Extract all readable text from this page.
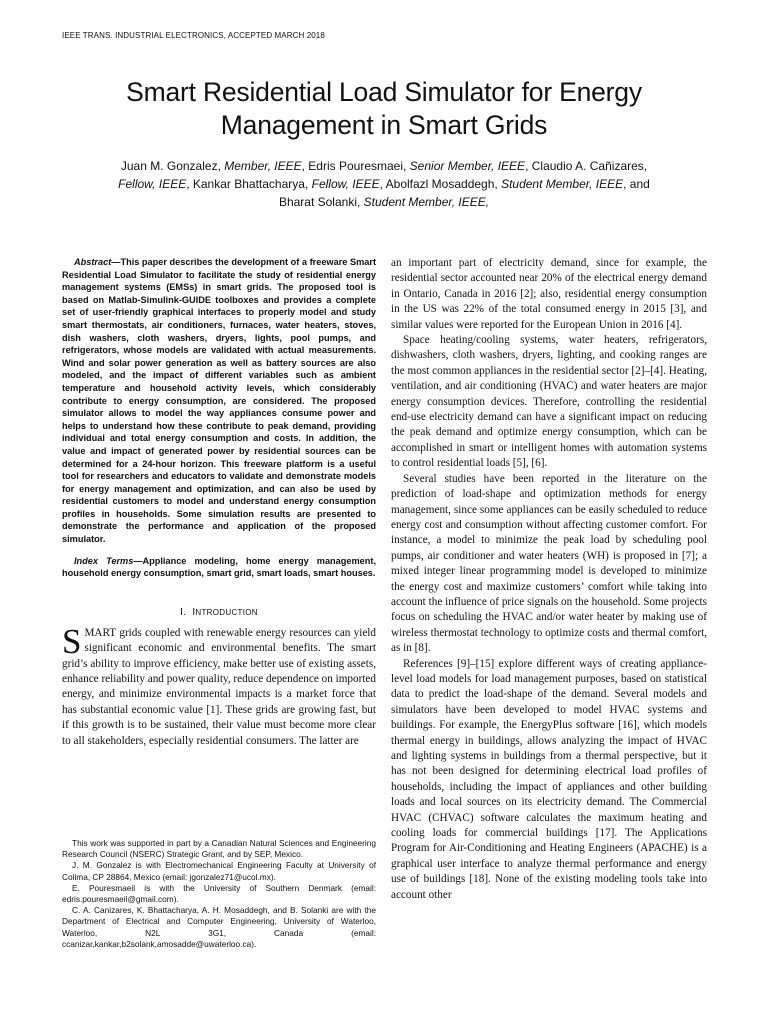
IEEE TRANS. INDUSTRIAL ELECTRONICS, ACCEPTED MARCH 2018
Smart Residential Load Simulator for Energy
Management in Smart Grids

Juan M. Gonzalez, Member, IEEE, Edris Pouresmaei, Senior Member, IEEE, Claudio A. Cañizares,
Fellow, IEEE, Kankar Bhattacharya, Fellow, IEEE, Abolfazl Mosaddegh, Student Member, IEEE, and
Bharat Solanki, Student Member, IEEE,

Abstract—This paper describes the development of a freeware Smart Residential Load Simulator to facilitate the study of residential energy management systems (EMSs) in smart grids. The proposed tool is based on Matlab-Simulink-GUIDE toolboxes and provides a complete set of user-friendly graphical interfaces to properly model and study smart thermostats, air conditioners, furnaces, water heaters, stoves, dish washers, cloth washers, dryers, lights, pool pumps, and refrigerators, whose models are validated with actual measurements. Wind and solar power generation as well as battery sources are also modeled, and the impact of different variables such as ambient temperature and household activity levels, which considerably contribute to energy consumption, are considered. The proposed simulator allows to model the way appliances consume power and helps to understand how these contribute to peak demand, providing individual and total energy consumption and costs. In addition, the value and impact of generated power by residential sources can be determined for a 24-hour horizon. This freeware platform is a useful tool for researchers and educators to validate and demonstrate models for energy management and optimization, and can also be used by residential customers to model and understand energy consumption profiles in households. Some simulation results are presented to demonstrate the performance and application of the proposed simulator.

Index Terms—Appliance modeling, home energy management, household energy consumption, smart grid, smart loads, smart houses.

I. INTRODUCTION

SMART grids coupled with renewable energy resources can yield significant economic and environmental benefits. The smart grid’s ability to improve efficiency, make better use of existing assets, enhance reliability and power quality, reduce dependence on imported energy, and minimize environmental impacts is a market force that has substantial economic value [1]. These grids are growing fast, but if this growth is to be sustained, their value must become more clear to all stakeholders, especially residential consumers. The latter are

This work was supported in part by a Canadian Natural Sciences and Engineering Research Council (NSERC) Strategic Grant, and by SEP, Mexico.

J. M. Gonzalez is with Electromechanical Engineering Faculty at University of Colima, CP 28864, Mexico (email: jgonzalez71@ucol.mx).

E. Pouresmaeil is with the University of Southern Denmark (email: edris.pouresmaeil@gmail.com).

C. A. Canizares, K. Bhattacharya, A. H. Mosaddegh, and B. Solanki are with the Department of Electrical and Computer Engineering, University of Waterloo, Waterloo, N2L 3G1, Canada (email: ccanizar,kankar,b2solank,amosadde@uwaterloo.ca).

an important part of electricity demand, since for example, the residential sector accounted near 20% of the electrical energy demand in Ontario, Canada in 2016 [2]; also, residential energy consumption in the US was 22% of the total consumed energy in 2015 [3], and similar values were reported for the European Union in 2016 [4].

Space heating/cooling systems, water heaters, refrigerators, dishwashers, cloth washers, dryers, lighting, and cooking ranges are the most common appliances in the residential sector [2]–[4]. Heating, ventilation, and air conditioning (HVAC) and water heaters are major energy consumption devices. Therefore, controlling the residential end-use electricity demand can have a significant impact on reducing the peak demand and optimize energy consumption, which can be accomplished in smart or intelligent homes with automation systems to control residential loads [5], [6].

Several studies have been reported in the literature on the prediction of load-shape and optimization methods for energy management, since some appliances can be easily scheduled to reduce energy cost and consumption without affecting customer comfort. For instance, a model to minimize the peak load by scheduling pool pumps, air conditioner and water heaters (WH) is proposed in [7]; a mixed integer linear programming model is developed to minimize the energy cost and maximize customers’ comfort while taking into account the influence of price signals on the household. Some projects focus on scheduling the HVAC and/or water heater by making use of wireless thermostat technology to optimize costs and thermal comfort, as in [8].

References [9]–[15] explore different ways of creating appliance-level load models for load management purposes, based on statistical data to predict the load-shape of the demand. Several models and simulators have been developed to model HVAC systems and buildings. For example, the EnergyPlus software [16], which models thermal energy in buildings, allows analyzing the impact of HVAC and lighting systems in buildings from a thermal perspective, but it has not been designed for determining electrical load profiles of households, including the impact of appliances and other building loads and local sources on its electricity demand. The Commercial HVAC (CHVAC) software calculates the maximum heating and cooling loads for commercial buildings [17]. The Applications Program for Air-Conditioning and Heating Engineers (APACHE) is a graphical user interface to analyze thermal performance and energy use of buildings [18]. None of the existing modeling tools take into account other
